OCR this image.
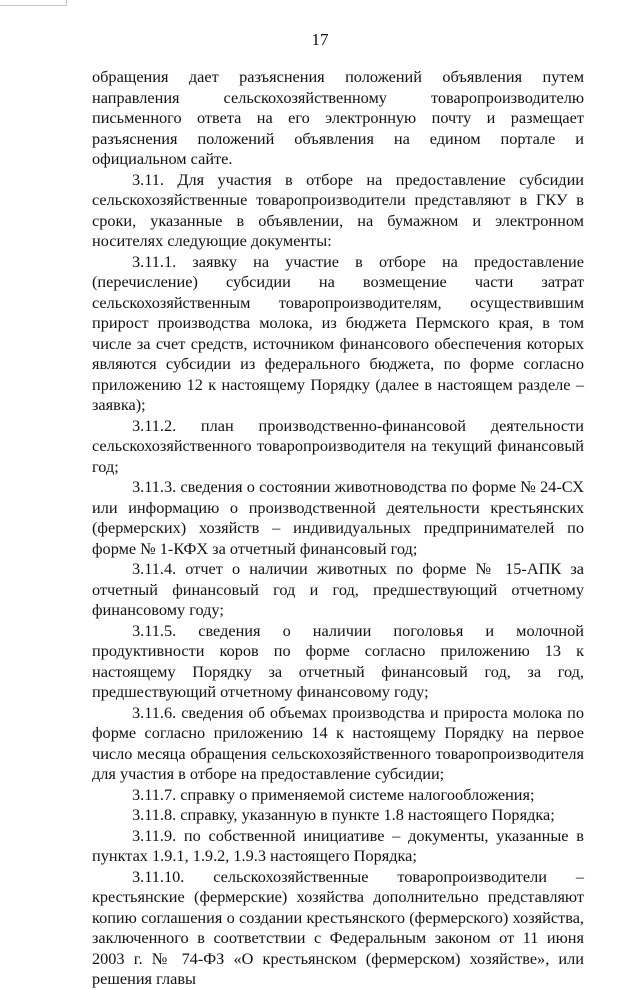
17

обращения дает разъяснения положений объявления путем направления сельскохозяйственному товаропроизводителю письменного ответа на его электронную почту и размещает разъяснения положений объявления на едином портале и официальном сайте.

3.11. Для участия в отборе на предоставление субсидии сельскохозяйственные товаропроизводители представляют в ГКУ в сроки, указанные в объявлении, на бумажном и электронном носителях следующие документы:

3.11.1. заявку на участие в отборе на предоставление (перечисление) субсидии на возмещение части затрат сельскохозяйственным товаропроизводителям, осуществившим прирост производства молока, из бюджета Пермского края, в том числе за счет средств, источником финансового обеспечения которых являются субсидии из федерального бюджета, по форме согласно приложению 12 к настоящему Порядку (далее в настоящем разделе – заявка);

3.11.2. план производственно-финансовой деятельности сельскохозяйственного товаропроизводителя на текущий финансовый год;

3.11.3. сведения о состоянии животноводства по форме № 24-СХ или информацию о производственной деятельности крестьянских (фермерских) хозяйств – индивидуальных предпринимателей по форме № 1-КФХ за отчетный финансовый год;

3.11.4. отчет о наличии животных по форме № 15-АПК за отчетный финансовый год и год, предшествующий отчетному финансовому году;

3.11.5. сведения о наличии поголовья и молочной продуктивности коров по форме согласно приложению 13 к настоящему Порядку за отчетный финансовый год, за год, предшествующий отчетному финансовому году;

3.11.6. сведения об объемах производства и прироста молока по форме согласно приложению 14 к настоящему Порядку на первое число месяца обращения сельскохозяйственного товаропроизводителя для участия в отборе на предоставление субсидии;

3.11.7. справку о применяемой системе налогообложения;

3.11.8. справку, указанную в пункте 1.8 настоящего Порядка;

3.11.9. по собственной инициативе – документы, указанные в пунктах 1.9.1, 1.9.2, 1.9.3 настоящего Порядка;

3.11.10. сельскохозяйственные товаропроизводители – крестьянские (фермерские) хозяйства дополнительно представляют копию соглашения о создании крестьянского (фермерского) хозяйства, заключенного в соответствии с Федеральным законом от 11 июня 2003 г. № 74-ФЗ «О крестьянском (фермерском) хозяйстве», или решения главы
